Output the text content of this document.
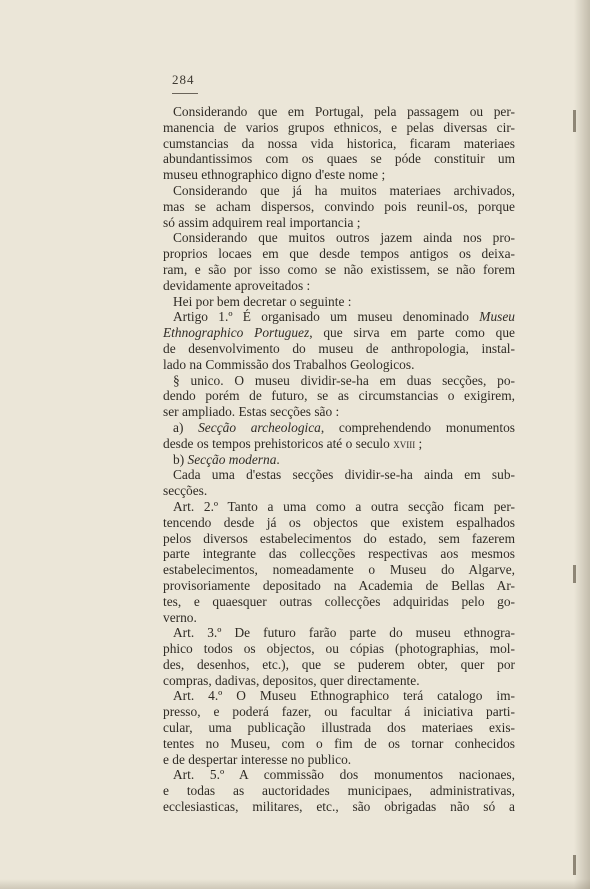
284
Considerando que em Portugal, pela passagem ou per-
manencia de varios grupos ethnicos, e pelas diversas cir-
cumstancias da nossa vida historica, ficaram materiaes
abundantissimos com os quaes se póde constituir um
museu ethnographico digno d'este nome ;
Considerando que já ha muitos materiaes archivados,
mas se acham dispersos, convindo pois reunil-os, porque
só assim adquirem real importancia ;
Considerando que muitos outros jazem ainda nos pro-
proprios locaes em que desde tempos antigos os deixa-
ram, e são por isso como se não existissem, se não forem
devidamente aproveitados :
Hei por bem decretar o seguinte :
Artigo 1.º É organisado um museu denominado Museu
Ethnographico Portuguez, que sirva em parte como que
de desenvolvimento do museu de anthropologia, instal-
lado na Commissão dos Trabalhos Geologicos.
§ unico. O museu dividir-se-ha em duas secções, po-
dendo porém de futuro, se as circumstancias o exigirem,
ser ampliado. Estas secções são :
a) Secção archeologica, comprehendendo monumentos
desde os tempos prehistoricos até o seculo xviii ;
b) Secção moderna.
Cada uma d'estas secções dividir-se-ha ainda em sub-
secções.
Art. 2.º Tanto a uma como a outra secção ficam per-
tencendo desde já os objectos que existem espalhados
pelos diversos estabelecimentos do estado, sem fazerem
parte integrante das collecções respectivas aos mesmos
estabelecimentos, nomeadamente o Museu do Algarve,
provisoriamente depositado na Academia de Bellas Ar-
tes, e quaesquer outras collecções adquiridas pelo go-
verno.
Art. 3.º De futuro farão parte do museu ethnogra-
phico todos os objectos, ou cópias (photographias, mol-
des, desenhos, etc.), que se puderem obter, quer por
compras, dadivas, depositos, quer directamente.
Art. 4.º O Museu Ethnographico terá catalogo im-
presso, e poderá fazer, ou facultar á iniciativa parti-
cular, uma publicação illustrada dos materiaes exis-
tentes no Museu, com o fim de os tornar conhecidos
e de despertar interesse no publico.
Art. 5.º A commissão dos monumentos nacionaes,
e todas as auctoridades municipaes, administrativas,
ecclesiasticas, militares, etc., são obrigadas não só a
